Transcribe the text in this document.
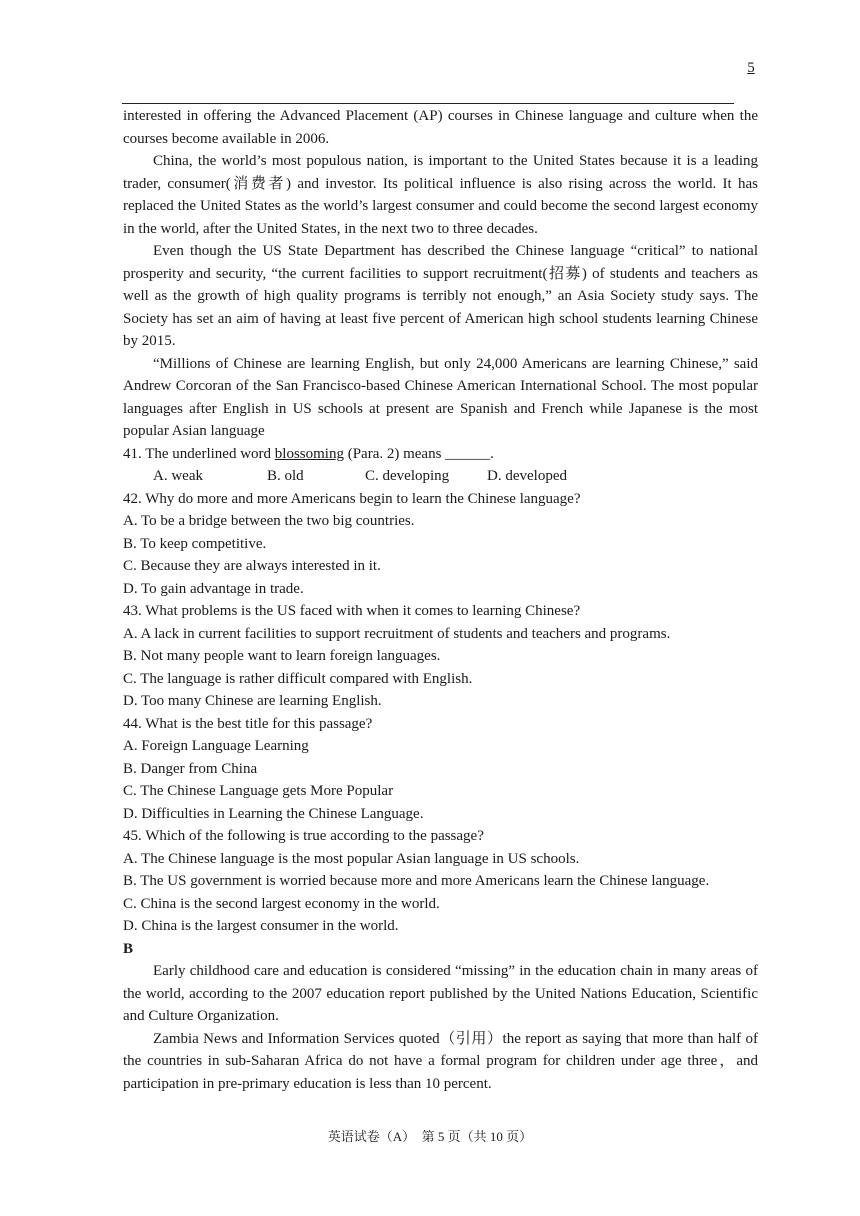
5

interested in offering the Advanced Placement (AP) courses in Chinese language and culture when the courses become available in 2006.

China, the world’s most populous nation, is important to the United States because it is a leading trader, consumer(消费者) and investor. Its political influence is also rising across the world. It has replaced the United States as the world’s largest consumer and could become the second largest economy in the world, after the United States, in the next two to three decades.

Even though the US State Department has described the Chinese language “critical” to national prosperity and security, “the current facilities to support recruitment(招募) of students and teachers as well as the growth of high quality programs is terribly not enough,” an Asia Society study says. The Society has set an aim of having at least five percent of American high school students learning Chinese by 2015.

“Millions of Chinese are learning English, but only 24,000 Americans are learning Chinese,” said Andrew Corcoran of the San Francisco-based Chinese American International School. The most popular languages after English in US schools at present are Spanish and French while Japanese is the most popular Asian language

41. The underlined word blossoming (Para. 2) means ______.

A. weak	B. old	C. developing	D. developed

42. Why do more and more Americans begin to learn the Chinese language?

A. To be a bridge between the two big countries.

B. To keep competitive.

C. Because they are always interested in it.

D. To gain advantage in trade.

43. What problems is the US faced with when it comes to learning Chinese?

A. A lack in current facilities to support recruitment of students and teachers and programs.

B. Not many people want to learn foreign languages.

C. The language is rather difficult compared with English.

D. Too many Chinese are learning English.

44. What is the best title for this passage?

A. Foreign Language Learning

B. Danger from China

C. The Chinese Language gets More Popular

D. Difficulties in Learning the Chinese Language.

45. Which of the following is true according to the passage?

A. The Chinese language is the most popular Asian language in US schools.

B. The US government is worried because more and more Americans learn the Chinese language.

C. China is the second largest economy in the world.

D. China is the largest consumer in the world.

B

Early childhood care and education is considered “missing” in the education chain in many areas of the world, according to the 2007 education report published by the United Nations Education, Scientific and Culture Organization.

Zambia News and Information Services quoted（引用）the report as saying that more than half of the countries in sub-Saharan Africa do not have a formal program for children under age three，and participation in pre-primary education is less than 10 percent.

英语试卷（A）　第 5 页（共 10 页）
